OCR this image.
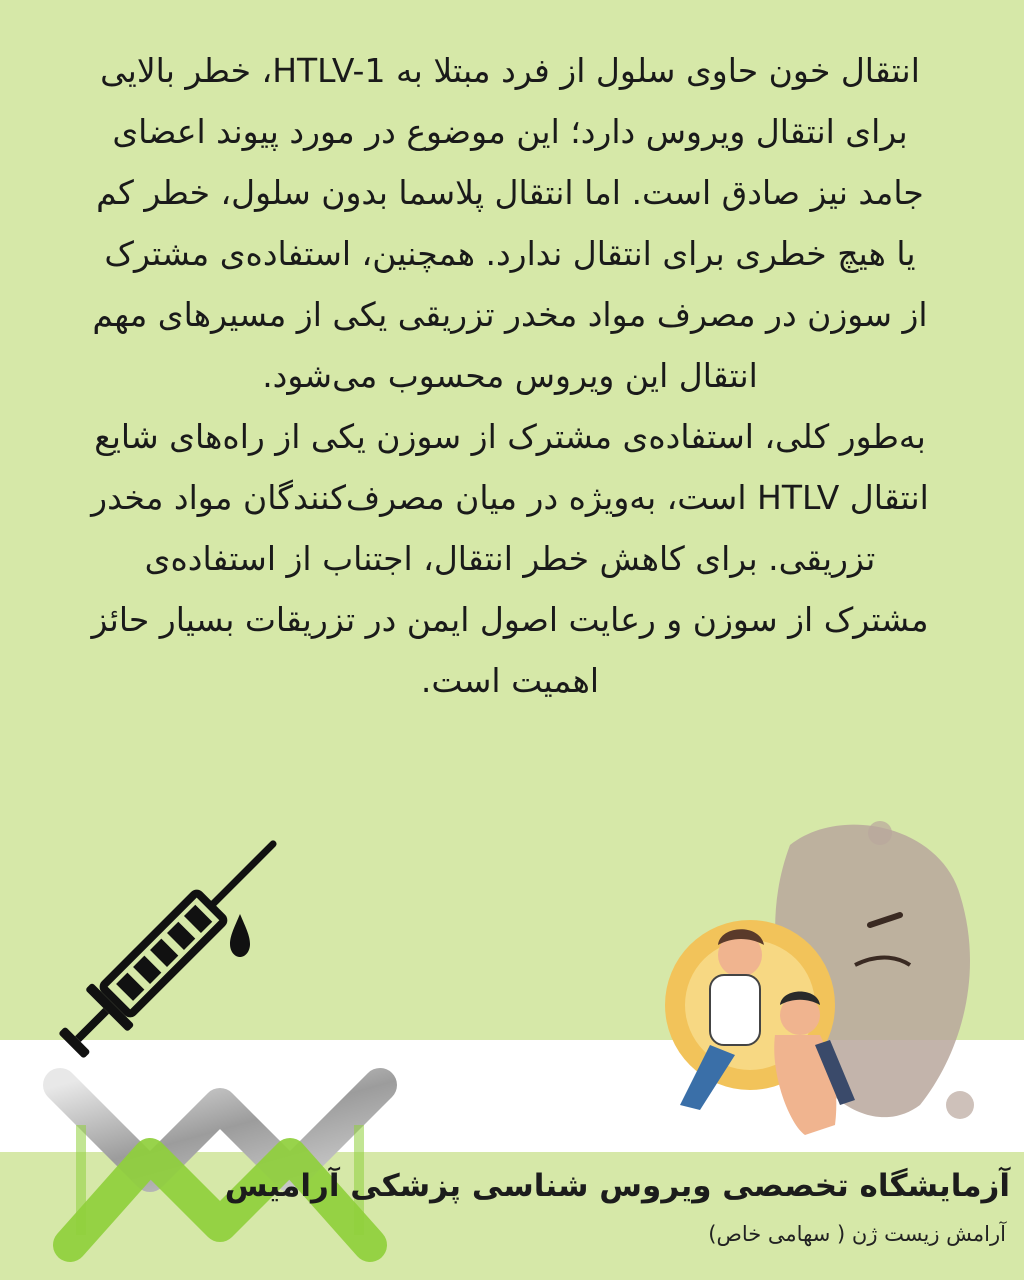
انتقال خون حاوی سلول از فرد مبتلا به HTLV-1، خطر بالایی برای انتقال ویروس دارد؛ این موضوع در مورد پیوند اعضای جامد نیز صادق است. اما انتقال پلاسما بدون سلول، خطر کم یا هیچ خطری برای انتقال ندارد. همچنین، استفاده‌ی مشترک از سوزن در مصرف مواد مخدر تزریقی یکی از مسیرهای مهم انتقال این ویروس محسوب می‌شود.

به‌طور کلی، استفاده‌ی مشترک از سوزن یکی از راه‌های شایع انتقال HTLV است، به‌ویژه در میان مصرف‌کنندگان مواد مخدر تزریقی. برای کاهش خطر انتقال، اجتناب از استفاده‌ی مشترک از سوزن و رعایت اصول ایمن در تزریقات بسیار حائز اهمیت است.

آزمایشگاه تخصصی ویروس شناسی پزشکی آرامیس
آرامش زیست ژن ( سهامی خاص)
